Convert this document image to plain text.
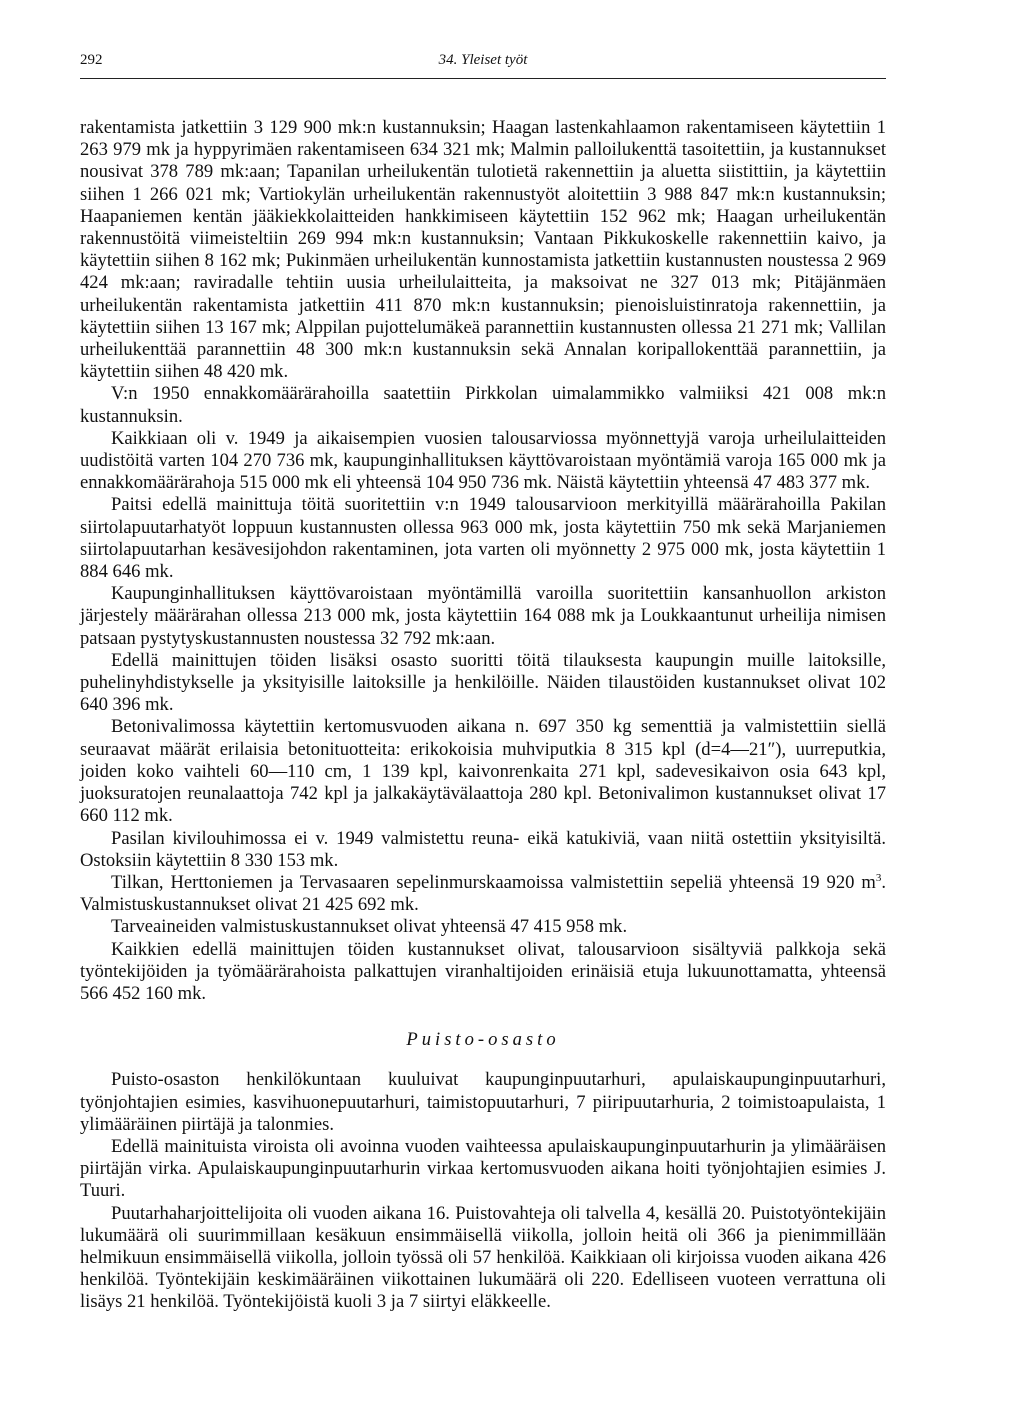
292	34. Yleiset työt

rakentamista jatkettiin 3 129 900 mk:n kustannuksin; Haagan lastenkahlaamon rakentamiseen käytettiin 1 263 979 mk ja hyppyrimäen rakentamiseen 634 321 mk; Malmin palloilukenttä tasoitettiin, ja kustannukset nousivat 378 789 mk:aan; Tapanilan urheilukentän tulotietä rakennettiin ja aluetta siistittiin, ja käytettiin siihen 1 266 021 mk; Vartiokylän urheilukentän rakennustyöt aloitettiin 3 988 847 mk:n kustannuksin; Haapaniemen kentän jääkiekkolaitteiden hankkimiseen käytettiin 152 962 mk; Haagan urheilukentän rakennustöitä viimeisteltiin 269 994 mk:n kustannuksin; Vantaan Pikkukoskelle rakennettiin kaivo, ja käytettiin siihen 8 162 mk; Pukinmäen urheilukentän kunnostamista jatkettiin kustannusten noustessa 2 969 424 mk:aan; raviradalle tehtiin uusia urheilulaitteita, ja maksoivat ne 327 013 mk; Pitäjänmäen urheilukentän rakentamista jatkettiin 411 870 mk:n kustannuksin; pienoisluistinratoja rakennettiin, ja käytettiin siihen 13 167 mk; Alppilan pujottelumäkeä parannettiin kustannusten ollessa 21 271 mk; Vallilan urheilukenttää parannettiin 48 300 mk:n kustannuksin sekä Annalan koripallokenttää parannettiin, ja käytettiin siihen 48 420 mk.

V:n 1950 ennakkomäärärahoilla saatettiin Pirkkolan uimalammikko valmiiksi 421 008 mk:n kustannuksin.

Kaikkiaan oli v. 1949 ja aikaisempien vuosien talousarviossa myönnettyjä varoja urheilulaitteiden uudistöitä varten 104 270 736 mk, kaupunginhallituksen käyttövaroistaan myöntämiä varoja 165 000 mk ja ennakkomäärärahoja 515 000 mk eli yhteensä 104 950 736 mk. Näistä käytettiin yhteensä 47 483 377 mk.

Paitsi edellä mainittuja töitä suoritettiin v:n 1949 talousarvioon merkityillä määrärahoilla Pakilan siirtolapuutarhatyöt loppuun kustannusten ollessa 963 000 mk, josta käytettiin 750 mk sekä Marjaniemen siirtolapuutarhan kesävesijohdon rakentaminen, jota varten oli myönnetty 2 975 000 mk, josta käytettiin 1 884 646 mk.

Kaupunginhallituksen käyttövaroistaan myöntämillä varoilla suoritettiin kansanhuollon arkiston järjestely määrärahan ollessa 213 000 mk, josta käytettiin 164 088 mk ja Loukkaantunut urheilija nimisen patsaan pystytyskustannusten noustessa 32 792 mk:aan.

Edellä mainittujen töiden lisäksi osasto suoritti töitä tilauksesta kaupungin muille laitoksille, puhelinyhdistykselle ja yksityisille laitoksille ja henkilöille. Näiden tilaustöiden kustannukset olivat 102 640 396 mk.

Betonivalimossa käytettiin kertomusvuoden aikana n. 697 350 kg sementtiä ja valmistettiin siellä seuraavat määrät erilaisia betonituotteita: erikokoisia muhviputkia 8 315 kpl (d=4—21″), uurreputkia, joiden koko vaihteli 60—110 cm, 1 139 kpl, kaivonrenkaita 271 kpl, sadevesikaivon osia 643 kpl, juoksuratojen reunalaattoja 742 kpl ja jalkakäytävälaattoja 280 kpl. Betonivalimon kustannukset olivat 17 660 112 mk.

Pasilan kivilouhimossa ei v. 1949 valmistettu reuna- eikä katukiviä, vaan niitä ostettiin yksityisiltä. Ostoksiin käytettiin 8 330 153 mk.

Tilkan, Herttoniemen ja Tervasaaren sepelinmurskaamoissa valmistettiin sepeliä yhteensä 19 920 $m^3$. Valmistuskustannukset olivat 21 425 692 mk.

Tarveaineiden valmistuskustannukset olivat yhteensä 47 415 958 mk.

Kaikkien edellä mainittujen töiden kustannukset olivat, talousarvioon sisältyviä palkkoja sekä työntekijöiden ja työmäärärahoista palkattujen viranhaltijoiden erinäisiä etuja lukuunottamatta, yhteensä 566 452 160 mk.

Puisto-osasto

Puisto-osaston henkilökuntaan kuuluivat kaupunginpuutarhuri, apulaiskaupunginpuutarhuri, työnjohtajien esimies, kasvihuonepuutarhuri, taimistopuutarhuri, 7 piiripuutarhuria, 2 toimistoapulaista, 1 ylimääräinen piirtäjä ja talonmies.

Edellä mainituista viroista oli avoinna vuoden vaihteessa apulaiskaupunginpuutarhurin ja ylimääräisen piirtäjän virka. Apulaiskaupunginpuutarhurin virkaa kertomusvuoden aikana hoiti työnjohtajien esimies J. Tuuri.

Puutarhaharjoittelijoita oli vuoden aikana 16. Puistovahteja oli talvella 4, kesällä 20. Puistotyöntekijäin lukumäärä oli suurimmillaan kesäkuun ensimmäisellä viikolla, jolloin heitä oli 366 ja pienimmillään helmikuun ensimmäisellä viikolla, jolloin työssä oli 57 henkilöä. Kaikkiaan oli kirjoissa vuoden aikana 426 henkilöä. Työntekijäin keskimääräinen viikottainen lukumäärä oli 220. Edelliseen vuoteen verrattuna oli lisäys 21 henkilöä. Työntekijöistä kuoli 3 ja 7 siirtyi eläkkeelle.
